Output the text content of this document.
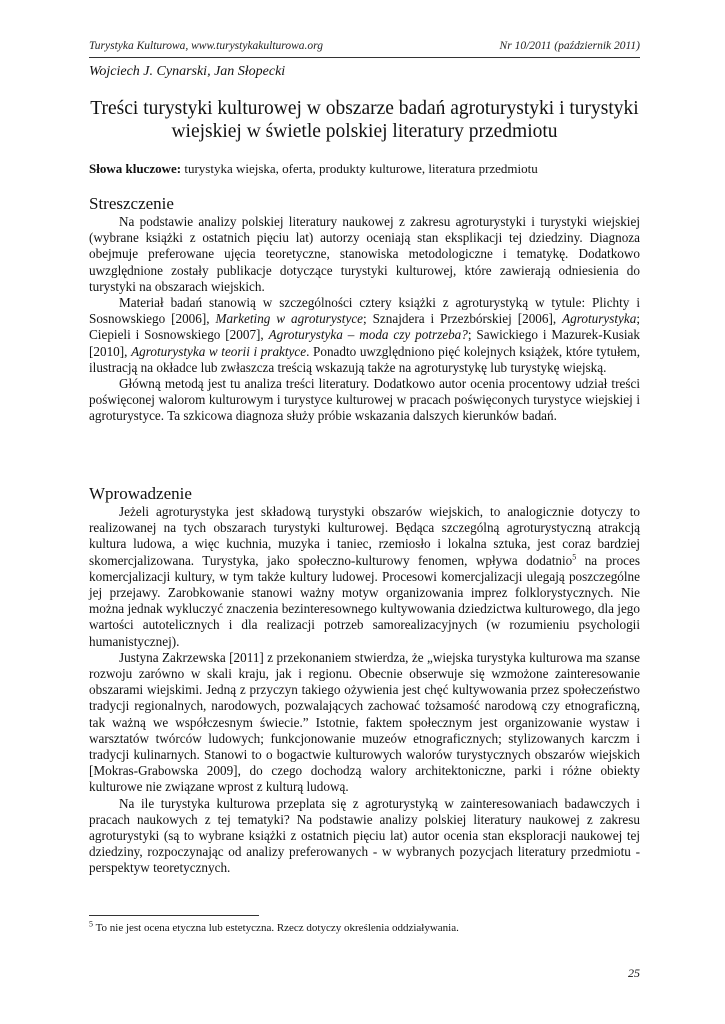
Turystyka Kulturowa, www.turystykakulturowa.org	Nr 10/2011 (październik 2011)
Wojciech J. Cynarski, Jan Słopecki
Treści turystyki kulturowej w obszarze badań agroturystyki i turystyki
wiejskiej w świetle polskiej literatury przedmiotu
Słowa kluczowe: turystyka wiejska, oferta, produkty kulturowe, literatura przedmiotu
Streszczenie

Na podstawie analizy polskiej literatury naukowej z zakresu agroturystyki i turystyki wiejskiej (wybrane książki z ostatnich pięciu lat) autorzy oceniają stan eksplikacji tej dziedziny. Diagnoza obejmuje preferowane ujęcia teoretyczne, stanowiska metodologiczne i tematykę. Dodatkowo uwzględnione zostały publikacje dotyczące turystyki kulturowej, które zawierają odniesienia do turystyki na obszarach wiejskich.

Materiał badań stanowią w szczególności cztery książki z agroturystyką w tytule: Plichty i Sosnowskiego [2006], Marketing w agroturystyce; Sznajdera i Przezbórskiej [2006], Agroturystyka; Ciepieli i Sosnowskiego [2007], Agroturystyka – moda czy potrzeba?; Sawickiego i Mazurek-Kusiak [2010], Agroturystyka w teorii i praktyce. Ponadto uwzględniono pięć kolejnych książek, które tytułem, ilustracją na okładce lub zwłaszcza treścią wskazują także na agroturystykę lub turystykę wiejską.

Główną metodą jest tu analiza treści literatury. Dodatkowo autor ocenia procentowy udział treści poświęconej walorom kulturowym i turystyce kulturowej w pracach poświęconych turystyce wiejskiej i agroturystyce. Ta szkicowa diagnoza służy próbie wskazania dalszych kierunków badań.

Wprowadzenie

Jeżeli agroturystyka jest składową turystyki obszarów wiejskich, to analogicznie dotyczy to realizowanej na tych obszarach turystyki kulturowej. Będąca szczególną agroturystyczną atrakcją kultura ludowa, a więc kuchnia, muzyka i taniec, rzemiosło i lokalna sztuka, jest coraz bardziej skomercjalizowana. Turystyka, jako społeczno-kulturowy fenomen, wpływa dodatnio$^5$ na proces komercjalizacji kultury, w tym także kultury ludowej. Procesowi komercjalizacji ulegają poszczególne jej przejawy. Zarobkowanie stanowi ważny motyw organizowania imprez folklorystycznych. Nie można jednak wykluczyć znaczenia bezinteresownego kultywowania dziedzictwa kulturowego, dla jego wartości autotelicznych i dla realizacji potrzeb samorealizacyjnych (w rozumieniu psychologii humanistycznej).

Justyna Zakrzewska [2011] z przekonaniem stwierdza, że „wiejska turystyka kulturowa ma szanse rozwoju zarówno w skali kraju, jak i regionu. Obecnie obserwuje się wzmożone zainteresowanie obszarami wiejskimi. Jedną z przyczyn takiego ożywienia jest chęć kultywowania przez społeczeństwo tradycji regionalnych, narodowych, pozwalających zachować tożsamość narodową czy etnograficzną, tak ważną we współczesnym świecie.” Istotnie, faktem społecznym jest organizowanie wystaw i warsztatów twórców ludowych; funkcjonowanie muzeów etnograficznych; stylizowanych karczm i tradycji kulinarnych. Stanowi to o bogactwie kulturowych walorów turystycznych obszarów wiejskich [Mokras-Grabowska 2009], do czego dochodzą walory architektoniczne, parki i różne obiekty kulturowe nie związane wprost z kulturą ludową.

Na ile turystyka kulturowa przeplata się z agroturystyką w zainteresowaniach badawczych i pracach naukowych z tej tematyki? Na podstawie analizy polskiej literatury naukowej z zakresu agroturystyki (są to wybrane książki z ostatnich pięciu lat) autor ocenia stan eksploracji naukowej tej dziedziny, rozpoczynając od analizy preferowanych - w wybranych pozycjach literatury przedmiotu - perspektyw teoretycznych.

$^5$ To nie jest ocena etyczna lub estetyczna. Rzecz dotyczy określenia oddziaływania.
25
